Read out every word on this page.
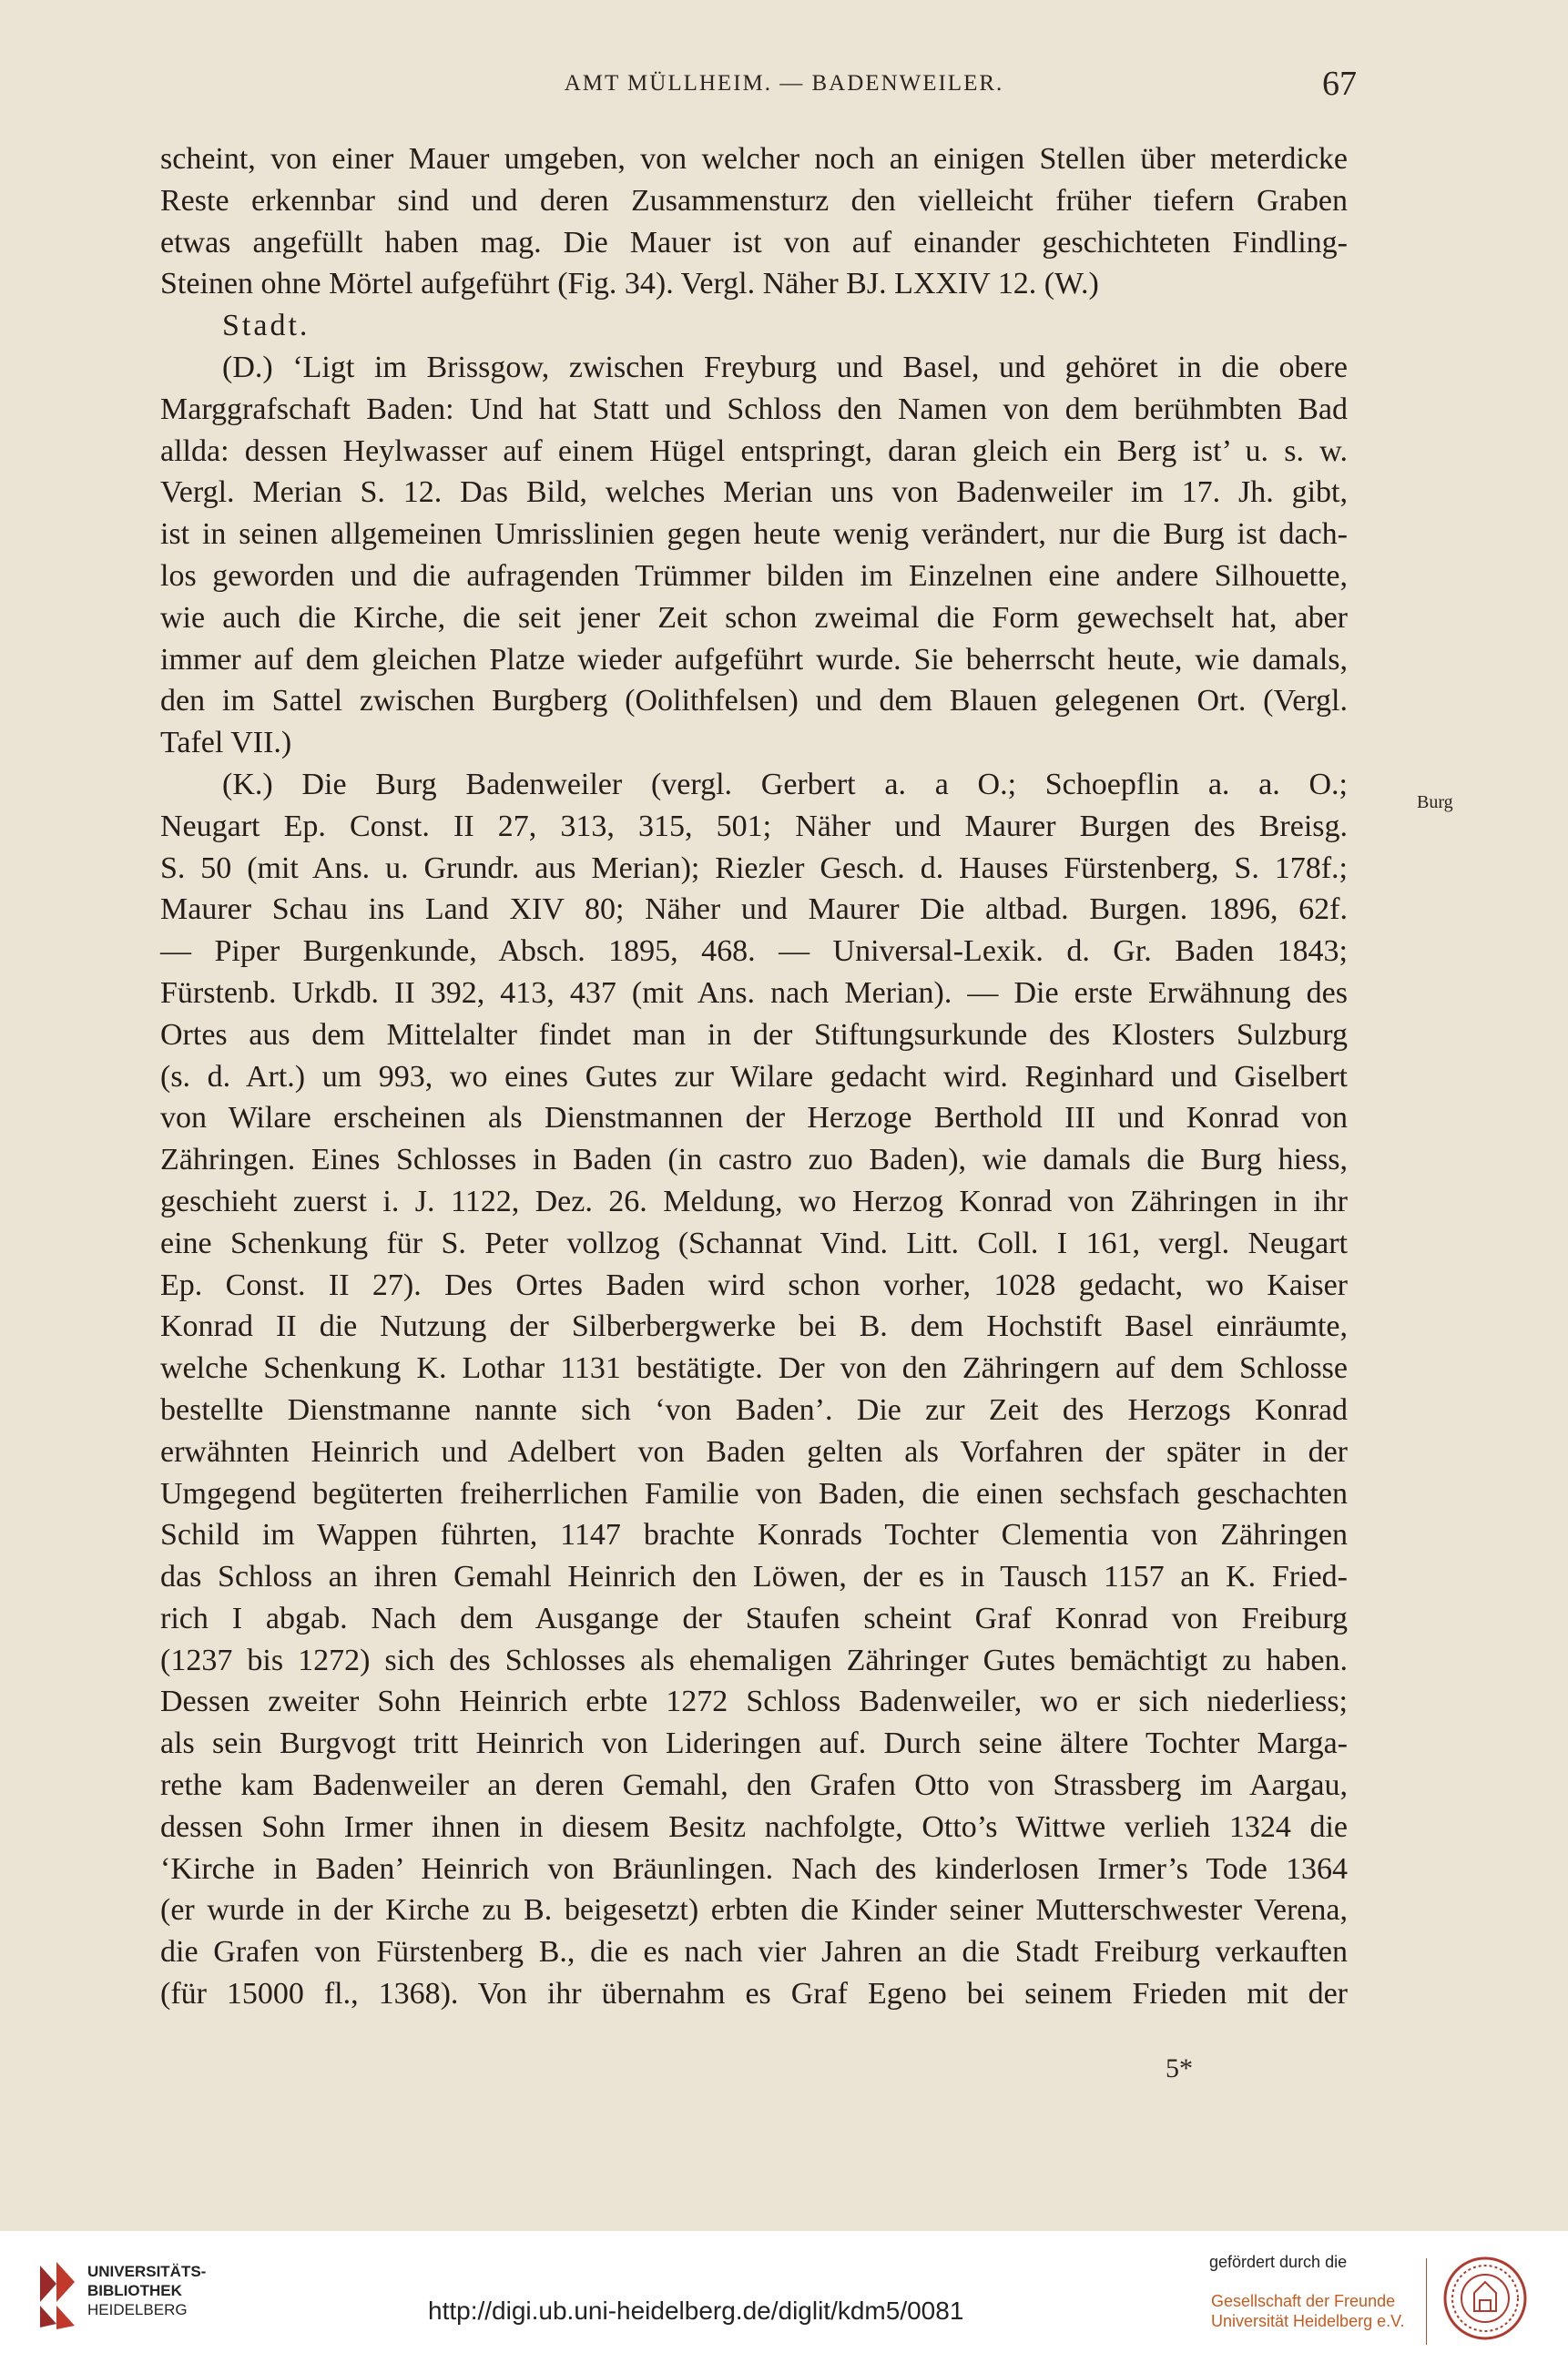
AMT MÜLLHEIM. — BADENWEILER.	67
scheint, von einer Mauer umgeben, von welcher noch an einigen Stellen über meterdicke
Reste erkennbar sind und deren Zusammensturz den vielleicht früher tiefern Graben
etwas angefüllt haben mag. Die Mauer ist von auf einander geschichteten Findling-
Steinen ohne Mörtel aufgeführt (Fig. 34). Vergl. Näher BJ. LXXIV 12. (W.)
Stadt.
(D.) ‘Ligt im Brissgow, zwischen Freyburg und Basel, und gehöret in die obere
Marggrafschaft Baden: Und hat Statt und Schloss den Namen von dem berühmbten Bad
allda: dessen Heylwasser auf einem Hügel entspringt, daran gleich ein Berg ist’ u. s. w.
Vergl. Merian S. 12. Das Bild, welches Merian uns von Badenweiler im 17. Jh. gibt,
ist in seinen allgemeinen Umrisslinien gegen heute wenig verändert, nur die Burg ist dach-
los geworden und die aufragenden Trümmer bilden im Einzelnen eine andere Silhouette,
wie auch die Kirche, die seit jener Zeit schon zweimal die Form gewechselt hat, aber
immer auf dem gleichen Platze wieder aufgeführt wurde. Sie beherrscht heute, wie damals,
den im Sattel zwischen Burgberg (Oolithfelsen) und dem Blauen gelegenen Ort. (Vergl.
Tafel VII.)
(K.) Die Burg Badenweiler (vergl. Gerbert a. a O.; Schoepflin a. a. O.;
Neugart Ep. Const. II 27, 313, 315, 501; Näher und Maurer Burgen des Breisg.
S. 50 (mit Ans. u. Grundr. aus Merian); Riezler Gesch. d. Hauses Fürstenberg, S. 178f.;
Maurer Schau ins Land XIV 80; Näher und Maurer Die altbad. Burgen. 1896, 62f.
— Piper Burgenkunde, Absch. 1895, 468. — Universal-Lexik. d. Gr. Baden 1843;
Fürstenb. Urkdb. II 392, 413, 437 (mit Ans. nach Merian). — Die erste Erwähnung des
Ortes aus dem Mittelalter findet man in der Stiftungsurkunde des Klosters Sulzburg
(s. d. Art.) um 993, wo eines Gutes zur Wilare gedacht wird. Reginhard und Giselbert
von Wilare erscheinen als Dienstmannen der Herzoge Berthold III und Konrad von
Zähringen. Eines Schlosses in Baden (in castro zuo Baden), wie damals die Burg hiess,
geschieht zuerst i. J. 1122, Dez. 26. Meldung, wo Herzog Konrad von Zähringen in ihr
eine Schenkung für S. Peter vollzog (Schannat Vind. Litt. Coll. I 161, vergl. Neugart
Ep. Const. II 27). Des Ortes Baden wird schon vorher, 1028 gedacht, wo Kaiser
Konrad II die Nutzung der Silberbergwerke bei B. dem Hochstift Basel einräumte,
welche Schenkung K. Lothar 1131 bestätigte. Der von den Zähringern auf dem Schlosse
bestellte Dienstmanne nannte sich ‘von Baden’. Die zur Zeit des Herzogs Konrad
erwähnten Heinrich und Adelbert von Baden gelten als Vorfahren der später in der
Umgegend begüterten freiherrlichen Familie von Baden, die einen sechsfach geschachten
Schild im Wappen führten, 1147 brachte Konrads Tochter Clementia von Zähringen
das Schloss an ihren Gemahl Heinrich den Löwen, der es in Tausch 1157 an K. Fried-
rich I abgab. Nach dem Ausgange der Staufen scheint Graf Konrad von Freiburg
(1237 bis 1272) sich des Schlosses als ehemaligen Zähringer Gutes bemächtigt zu haben.
Dessen zweiter Sohn Heinrich erbte 1272 Schloss Badenweiler, wo er sich niederliess;
als sein Burgvogt tritt Heinrich von Lideringen auf. Durch seine ältere Tochter Marga-
rethe kam Badenweiler an deren Gemahl, den Grafen Otto von Strassberg im Aargau,
dessen Sohn Irmer ihnen in diesem Besitz nachfolgte, Otto’s Wittwe verlieh 1324 die
‘Kirche in Baden’ Heinrich von Bräunlingen. Nach des kinderlosen Irmer’s Tode 1364
(er wurde in der Kirche zu B. beigesetzt) erbten die Kinder seiner Mutterschwester Verena,
die Grafen von Fürstenberg B., die es nach vier Jahren an die Stadt Freiburg verkauften
(für 15000 fl., 1368). Von ihr übernahm es Graf Egeno bei seinem Frieden mit der
Burg
5*
UNIVERSITÄTS-
BIBLIOTHEK
HEIDELBERG	http://digi.ub.uni-heidelberg.de/diglit/kdm5/0081
gefördert durch die
Gesellschaft der Freunde
Universität Heidelberg e.V.
